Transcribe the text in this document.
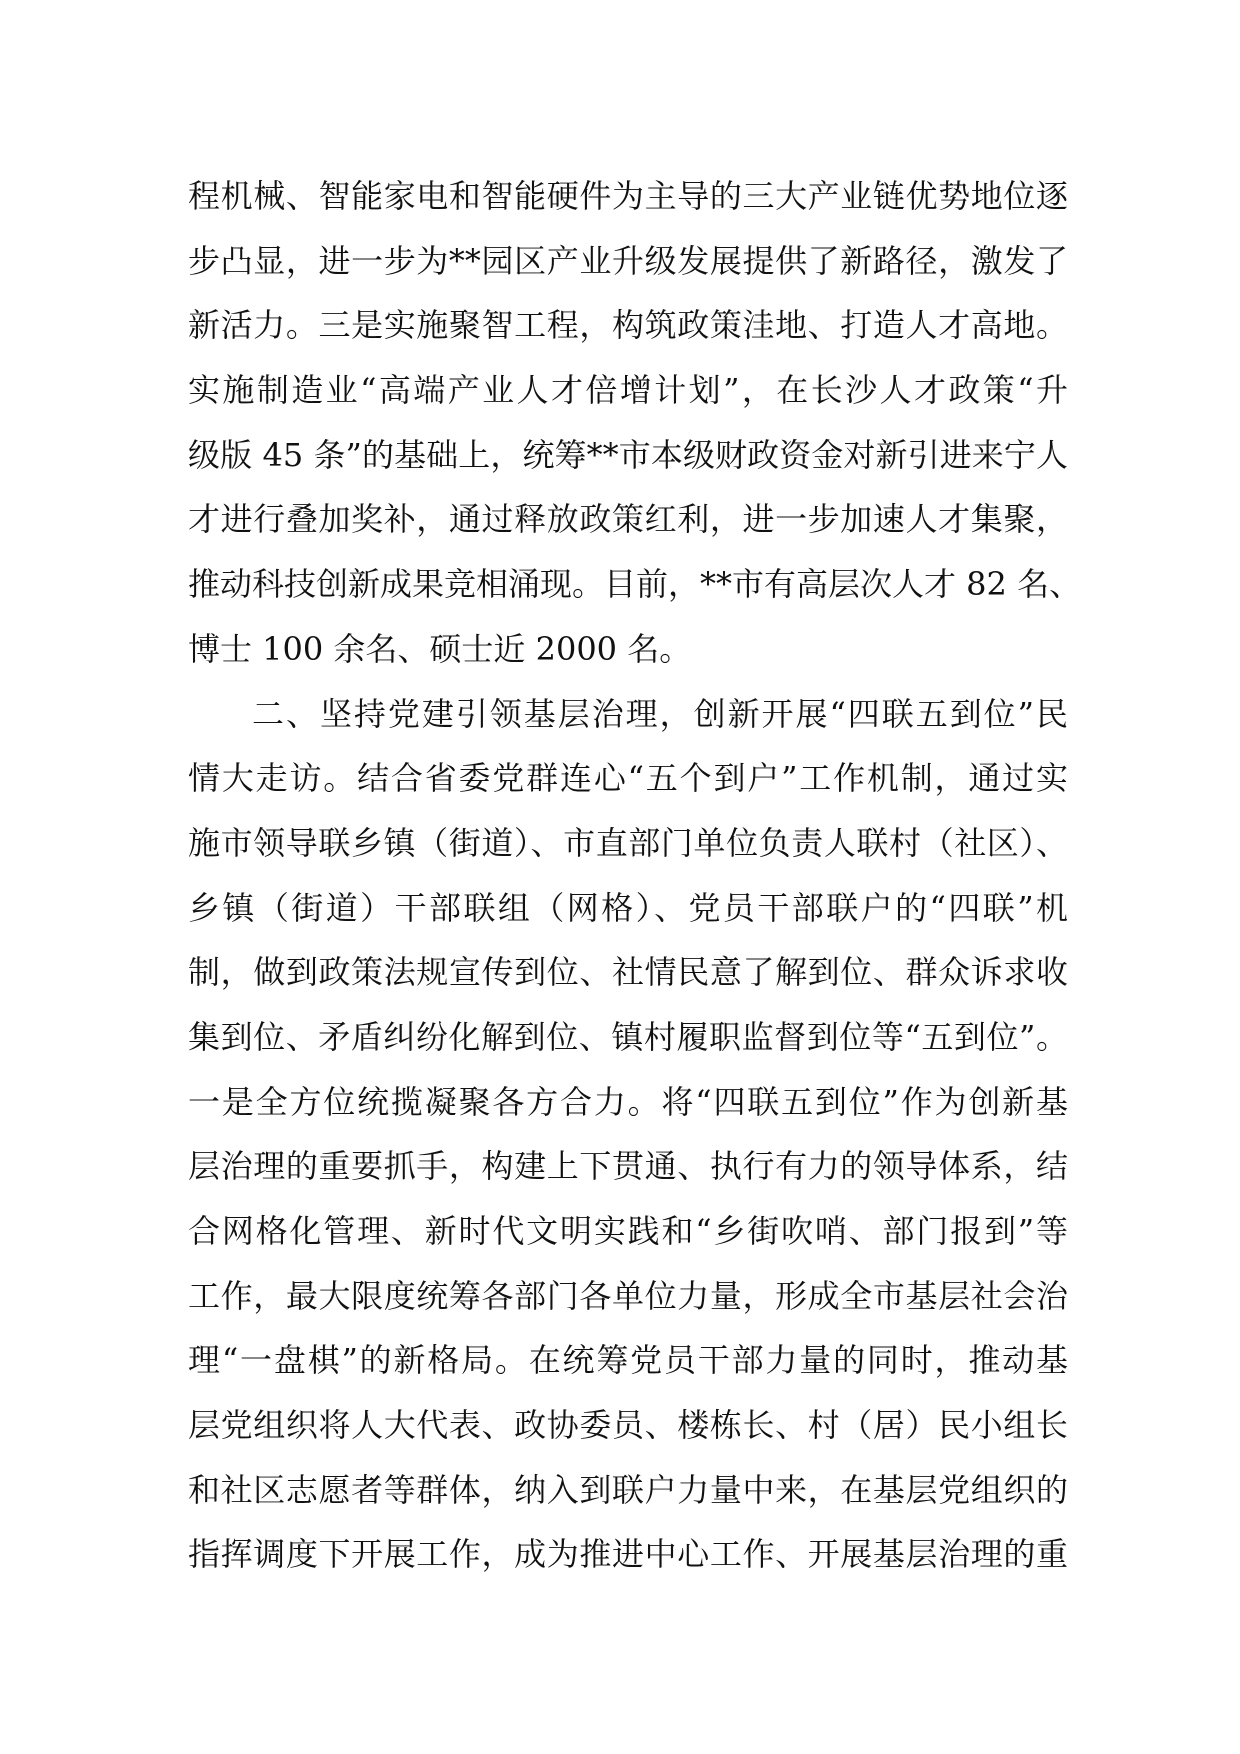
程机械、智能家电和智能硬件为主导的三大产业链优势地位逐
步凸显，进一步为**园区产业升级发展提供了新路径，激发了
新活力。三是实施聚智工程，构筑政策洼地、打造人才高地。
实施制造业“高端产业人才倍增计划”，在长沙人才政策“升
级版 45 条”的基础上，统筹**市本级财政资金对新引进来宁人
才进行叠加奖补，通过释放政策红利，进一步加速人才集聚，
推动科技创新成果竞相涌现。目前，**市有高层次人才 82 名、
博士 100 余名、硕士近 2000 名。
二、坚持党建引领基层治理，创新开展“四联五到位”民
情大走访。结合省委党群连心“五个到户”工作机制，通过实
施市领导联乡镇（街道）、市直部门单位负责人联村（社区）、
乡镇（街道）干部联组（网格）、党员干部联户的“四联”机
制，做到政策法规宣传到位、社情民意了解到位、群众诉求收
集到位、矛盾纠纷化解到位、镇村履职监督到位等“五到位”。
一是全方位统揽凝聚各方合力。将“四联五到位”作为创新基
层治理的重要抓手，构建上下贯通、执行有力的领导体系，结
合网格化管理、新时代文明实践和“乡街吹哨、部门报到”等
工作，最大限度统筹各部门各单位力量，形成全市基层社会治
理“一盘棋”的新格局。在统筹党员干部力量的同时，推动基
层党组织将人大代表、政协委员、楼栋长、村（居）民小组长
和社区志愿者等群体，纳入到联户力量中来，在基层党组织的
指挥调度下开展工作，成为推进中心工作、开展基层治理的重
